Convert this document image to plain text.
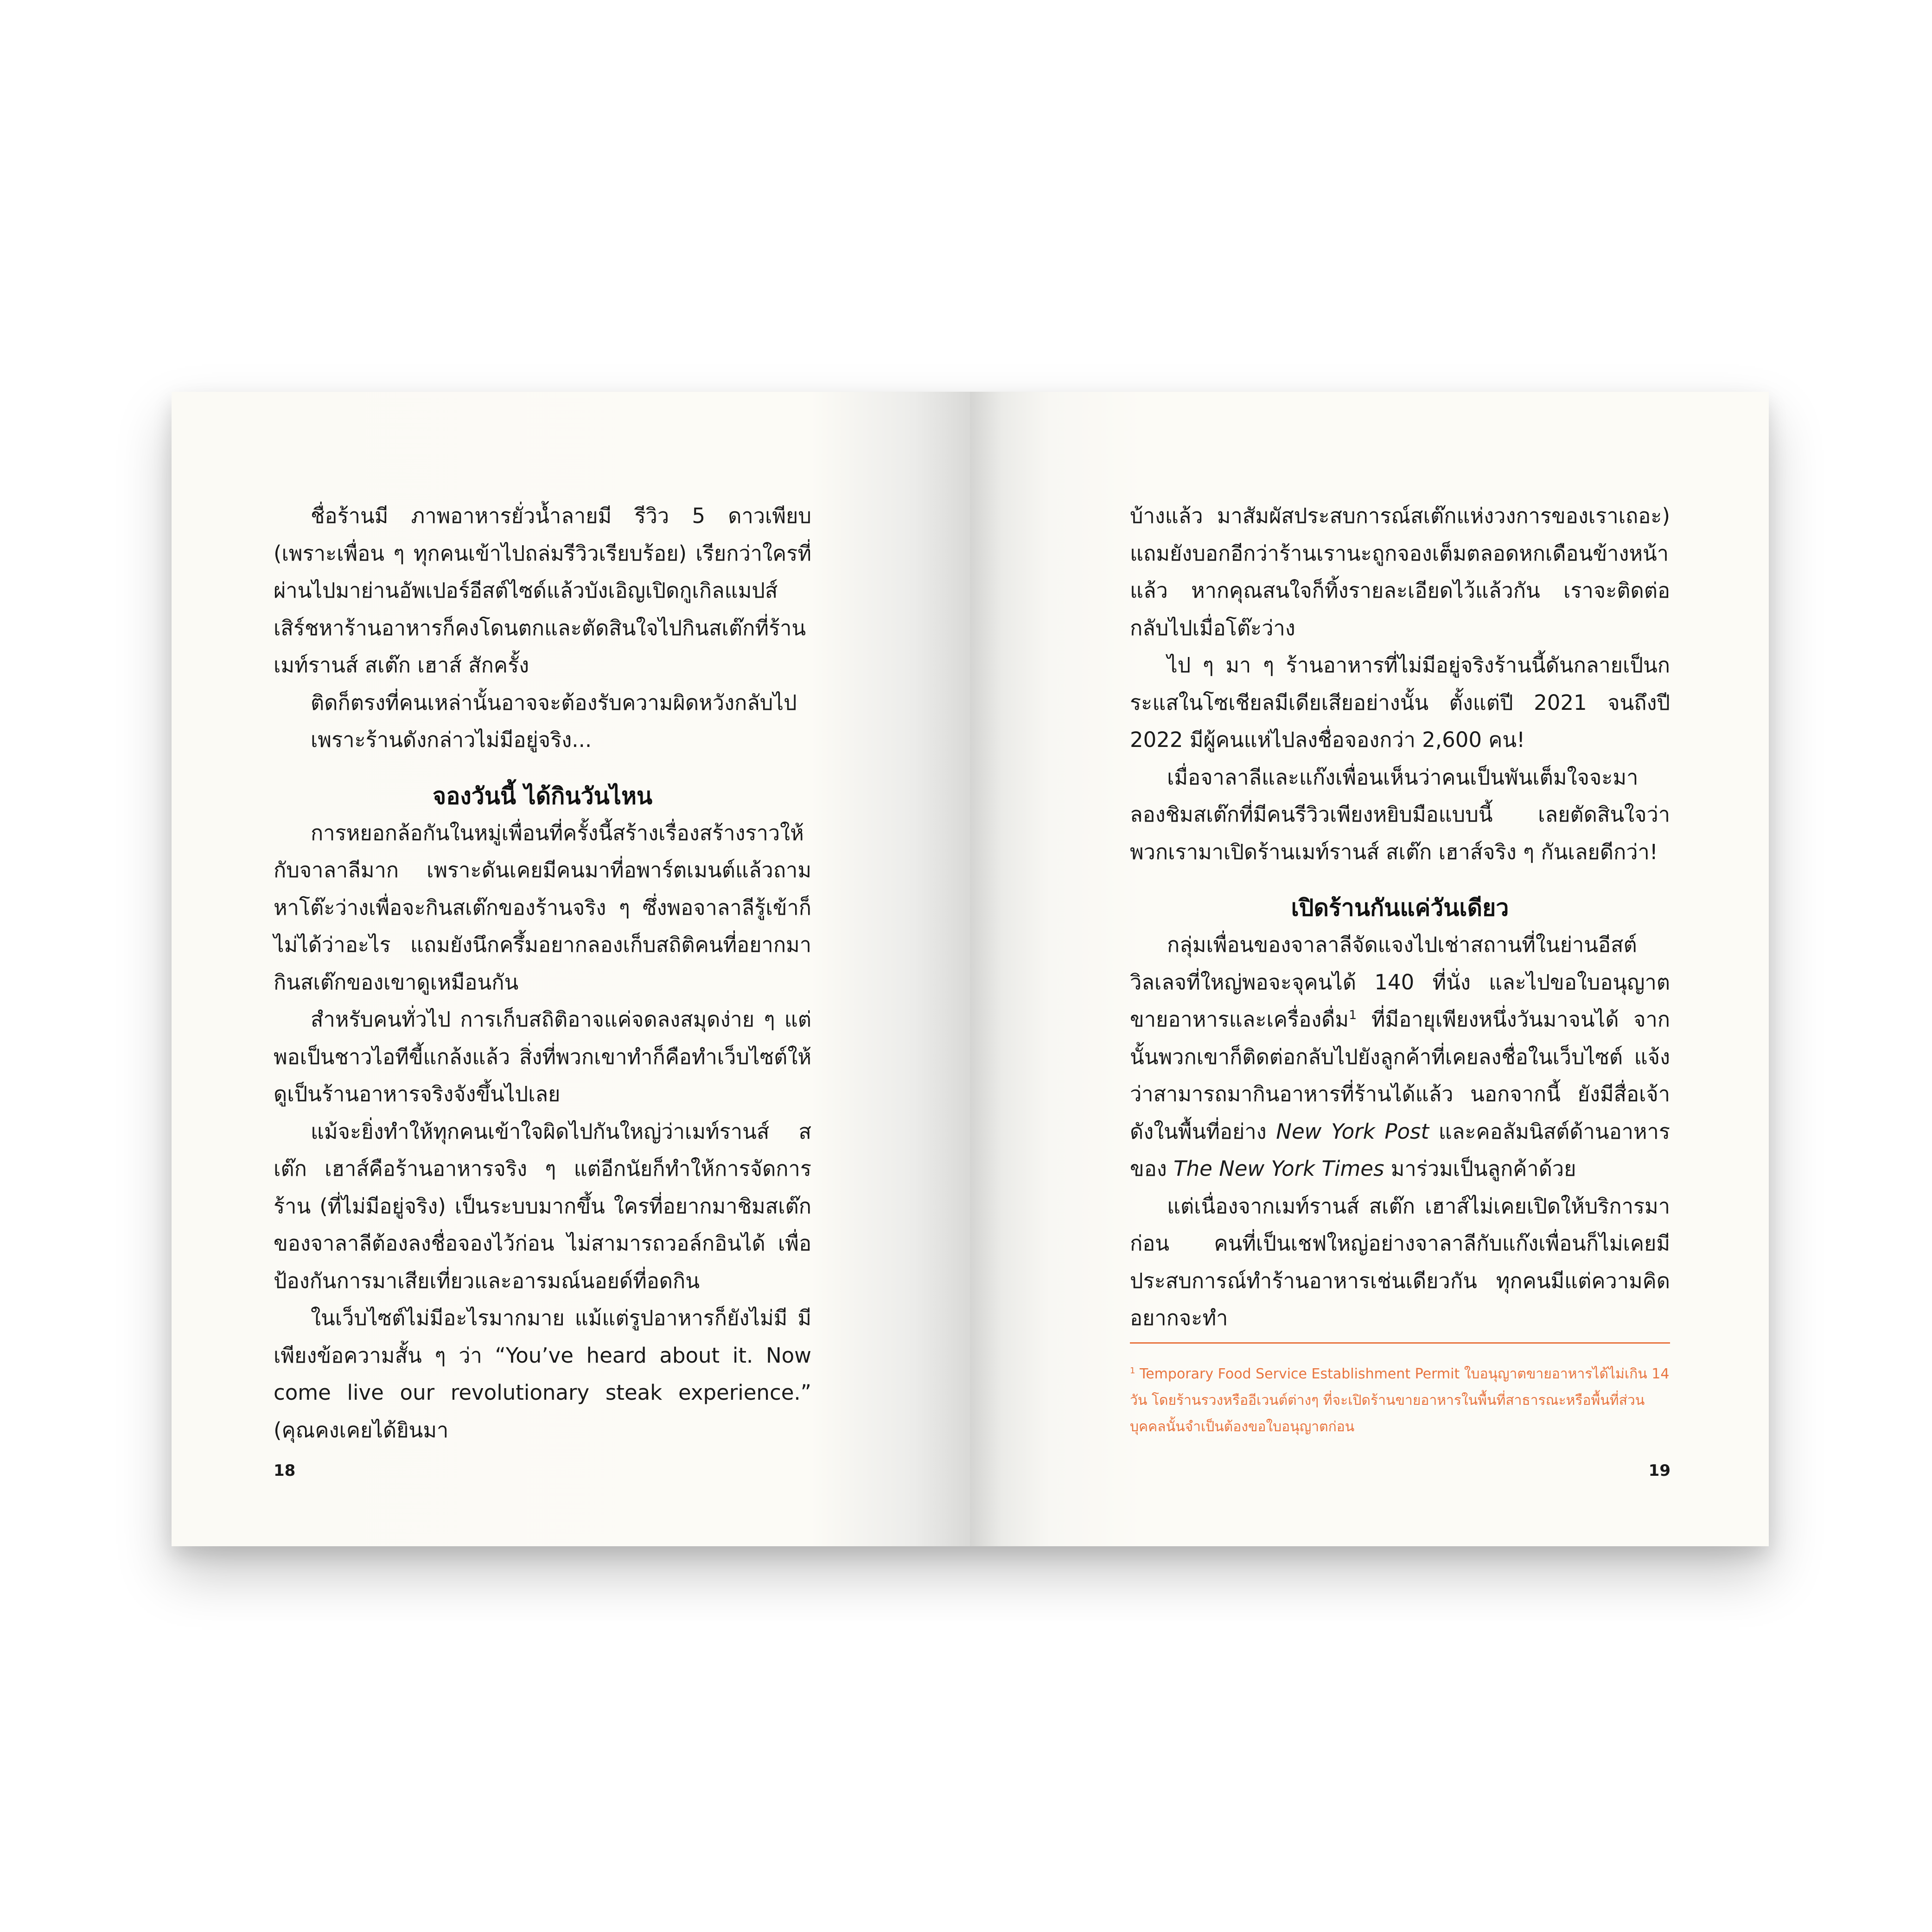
ชื่อร้านมี ภาพอาหารยั่วน้ำลายมี รีวิว 5 ดาวเพียบ (เพราะเพื่อน ๆ ทุกคนเข้าไปถล่มรีวิวเรียบร้อย) เรียกว่าใครที่ผ่านไปมาย่านอัพเปอร์อีสต์ไซด์แล้วบังเอิญเปิดกูเกิลแมปส์เสิร์ชหาร้านอาหารก็คงโดนตกและตัดสินใจไปกินสเต๊กที่ร้านเมท์รานส์ สเต๊ก เฮาส์ สักครั้ง

ติดก็ตรงที่คนเหล่านั้นอาจจะต้องรับความผิดหวังกลับไป

เพราะร้านดังกล่าวไม่มีอยู่จริง...

จองวันนี้ ได้กินวันไหน

การหยอกล้อกันในหมู่เพื่อนที่ครั้งนี้สร้างเรื่องสร้างราวให้กับจาลาลีมาก เพราะดันเคยมีคนมาที่อพาร์ตเมนต์แล้วถามหาโต๊ะว่างเพื่อจะกินสเต๊กของร้านจริง ๆ ซึ่งพอจาลาลีรู้เข้าก็ไม่ได้ว่าอะไร แถมยังนึกครึ้มอยากลองเก็บสถิติคนที่อยากมากินสเต๊กของเขาดูเหมือนกัน

สำหรับคนทั่วไป การเก็บสถิติอาจแค่จดลงสมุดง่าย ๆ แต่พอเป็นชาวไอทีขี้แกล้งแล้ว สิ่งที่พวกเขาทำก็คือทำเว็บไซต์ให้ดูเป็นร้านอาหารจริงจังขึ้นไปเลย

แม้จะยิ่งทำให้ทุกคนเข้าใจผิดไปกันใหญ่ว่าเมท์รานส์ สเต๊ก เฮาส์คือร้านอาหารจริง ๆ แต่อีกนัยก็ทำให้การจัดการร้าน (ที่ไม่มีอยู่จริง) เป็นระบบมากขึ้น ใครที่อยากมาชิมสเต๊กของจาลาลีต้องลงชื่อจองไว้ก่อน ไม่สามารถวอล์กอินได้ เพื่อป้องกันการมาเสียเที่ยวและอารมณ์นอยด์ที่อดกิน

ในเว็บไซต์ไม่มีอะไรมากมาย แม้แต่รูปอาหารก็ยังไม่มี มีเพียงข้อความสั้น ๆ ว่า “You’ve heard about it. Now come live our revolutionary steak experience.” (คุณคงเคยได้ยินมา

18

บ้างแล้ว มาสัมผัสประสบการณ์สเต๊กแห่งวงการของเราเถอะ) แถมยังบอกอีกว่าร้านเรานะถูกจองเต็มตลอดหกเดือนข้างหน้าแล้ว หากคุณสนใจก็ทิ้งรายละเอียดไว้แล้วกัน เราจะติดต่อกลับไปเมื่อโต๊ะว่าง

ไป ๆ มา ๆ ร้านอาหารที่ไม่มีอยู่จริงร้านนี้ดันกลายเป็นกระแสในโซเชียลมีเดียเสียอย่างนั้น ตั้งแต่ปี 2021 จนถึงปี 2022 มีผู้คนแห่ไปลงชื่อจองกว่า 2,600 คน!

เมื่อจาลาลีและแก๊งเพื่อนเห็นว่าคนเป็นพันเต็มใจจะมาลองชิมสเต๊กที่มีคนรีวิวเพียงหยิบมือแบบนี้ เลยตัดสินใจว่า พวกเรามาเปิดร้านเมท์รานส์ สเต๊ก เฮาส์จริง ๆ กันเลยดีกว่า!

เปิดร้านกันแค่วันเดียว

กลุ่มเพื่อนของจาลาลีจัดแจงไปเช่าสถานที่ในย่านอีสต์วิลเลจที่ใหญ่พอจะจุคนได้ 140 ที่นั่ง และไปขอใบอนุญาตขายอาหารและเครื่องดื่ม$^1$ ที่มีอายุเพียงหนึ่งวันมาจนได้ จากนั้นพวกเขาก็ติดต่อกลับไปยังลูกค้าที่เคยลงชื่อในเว็บไซต์ แจ้งว่าสามารถมากินอาหารที่ร้านได้แล้ว นอกจากนี้ ยังมีสื่อเจ้าดังในพื้นที่อย่าง New York Post และคอลัมนิสต์ด้านอาหารของ The New York Times มาร่วมเป็นลูกค้าด้วย

แต่เนื่องจากเมท์รานส์ สเต๊ก เฮาส์ไม่เคยเปิดให้บริการมาก่อน คนที่เป็นเชฟใหญ่อย่างจาลาลีกับแก๊งเพื่อนก็ไม่เคยมีประสบการณ์ทำร้านอาหารเช่นเดียวกัน ทุกคนมีแต่ความคิดอยากจะทำ

$^1$ Temporary Food Service Establishment Permit ใบอนุญาตขายอาหารได้ไม่เกิน 14 วัน โดยร้านรวงหรืออีเวนต์ต่างๆ ที่จะเปิดร้านขายอาหารในพื้นที่สาธารณะหรือพื้นที่ส่วนบุคคลนั้นจำเป็นต้องขอใบอนุญาตก่อน
19
